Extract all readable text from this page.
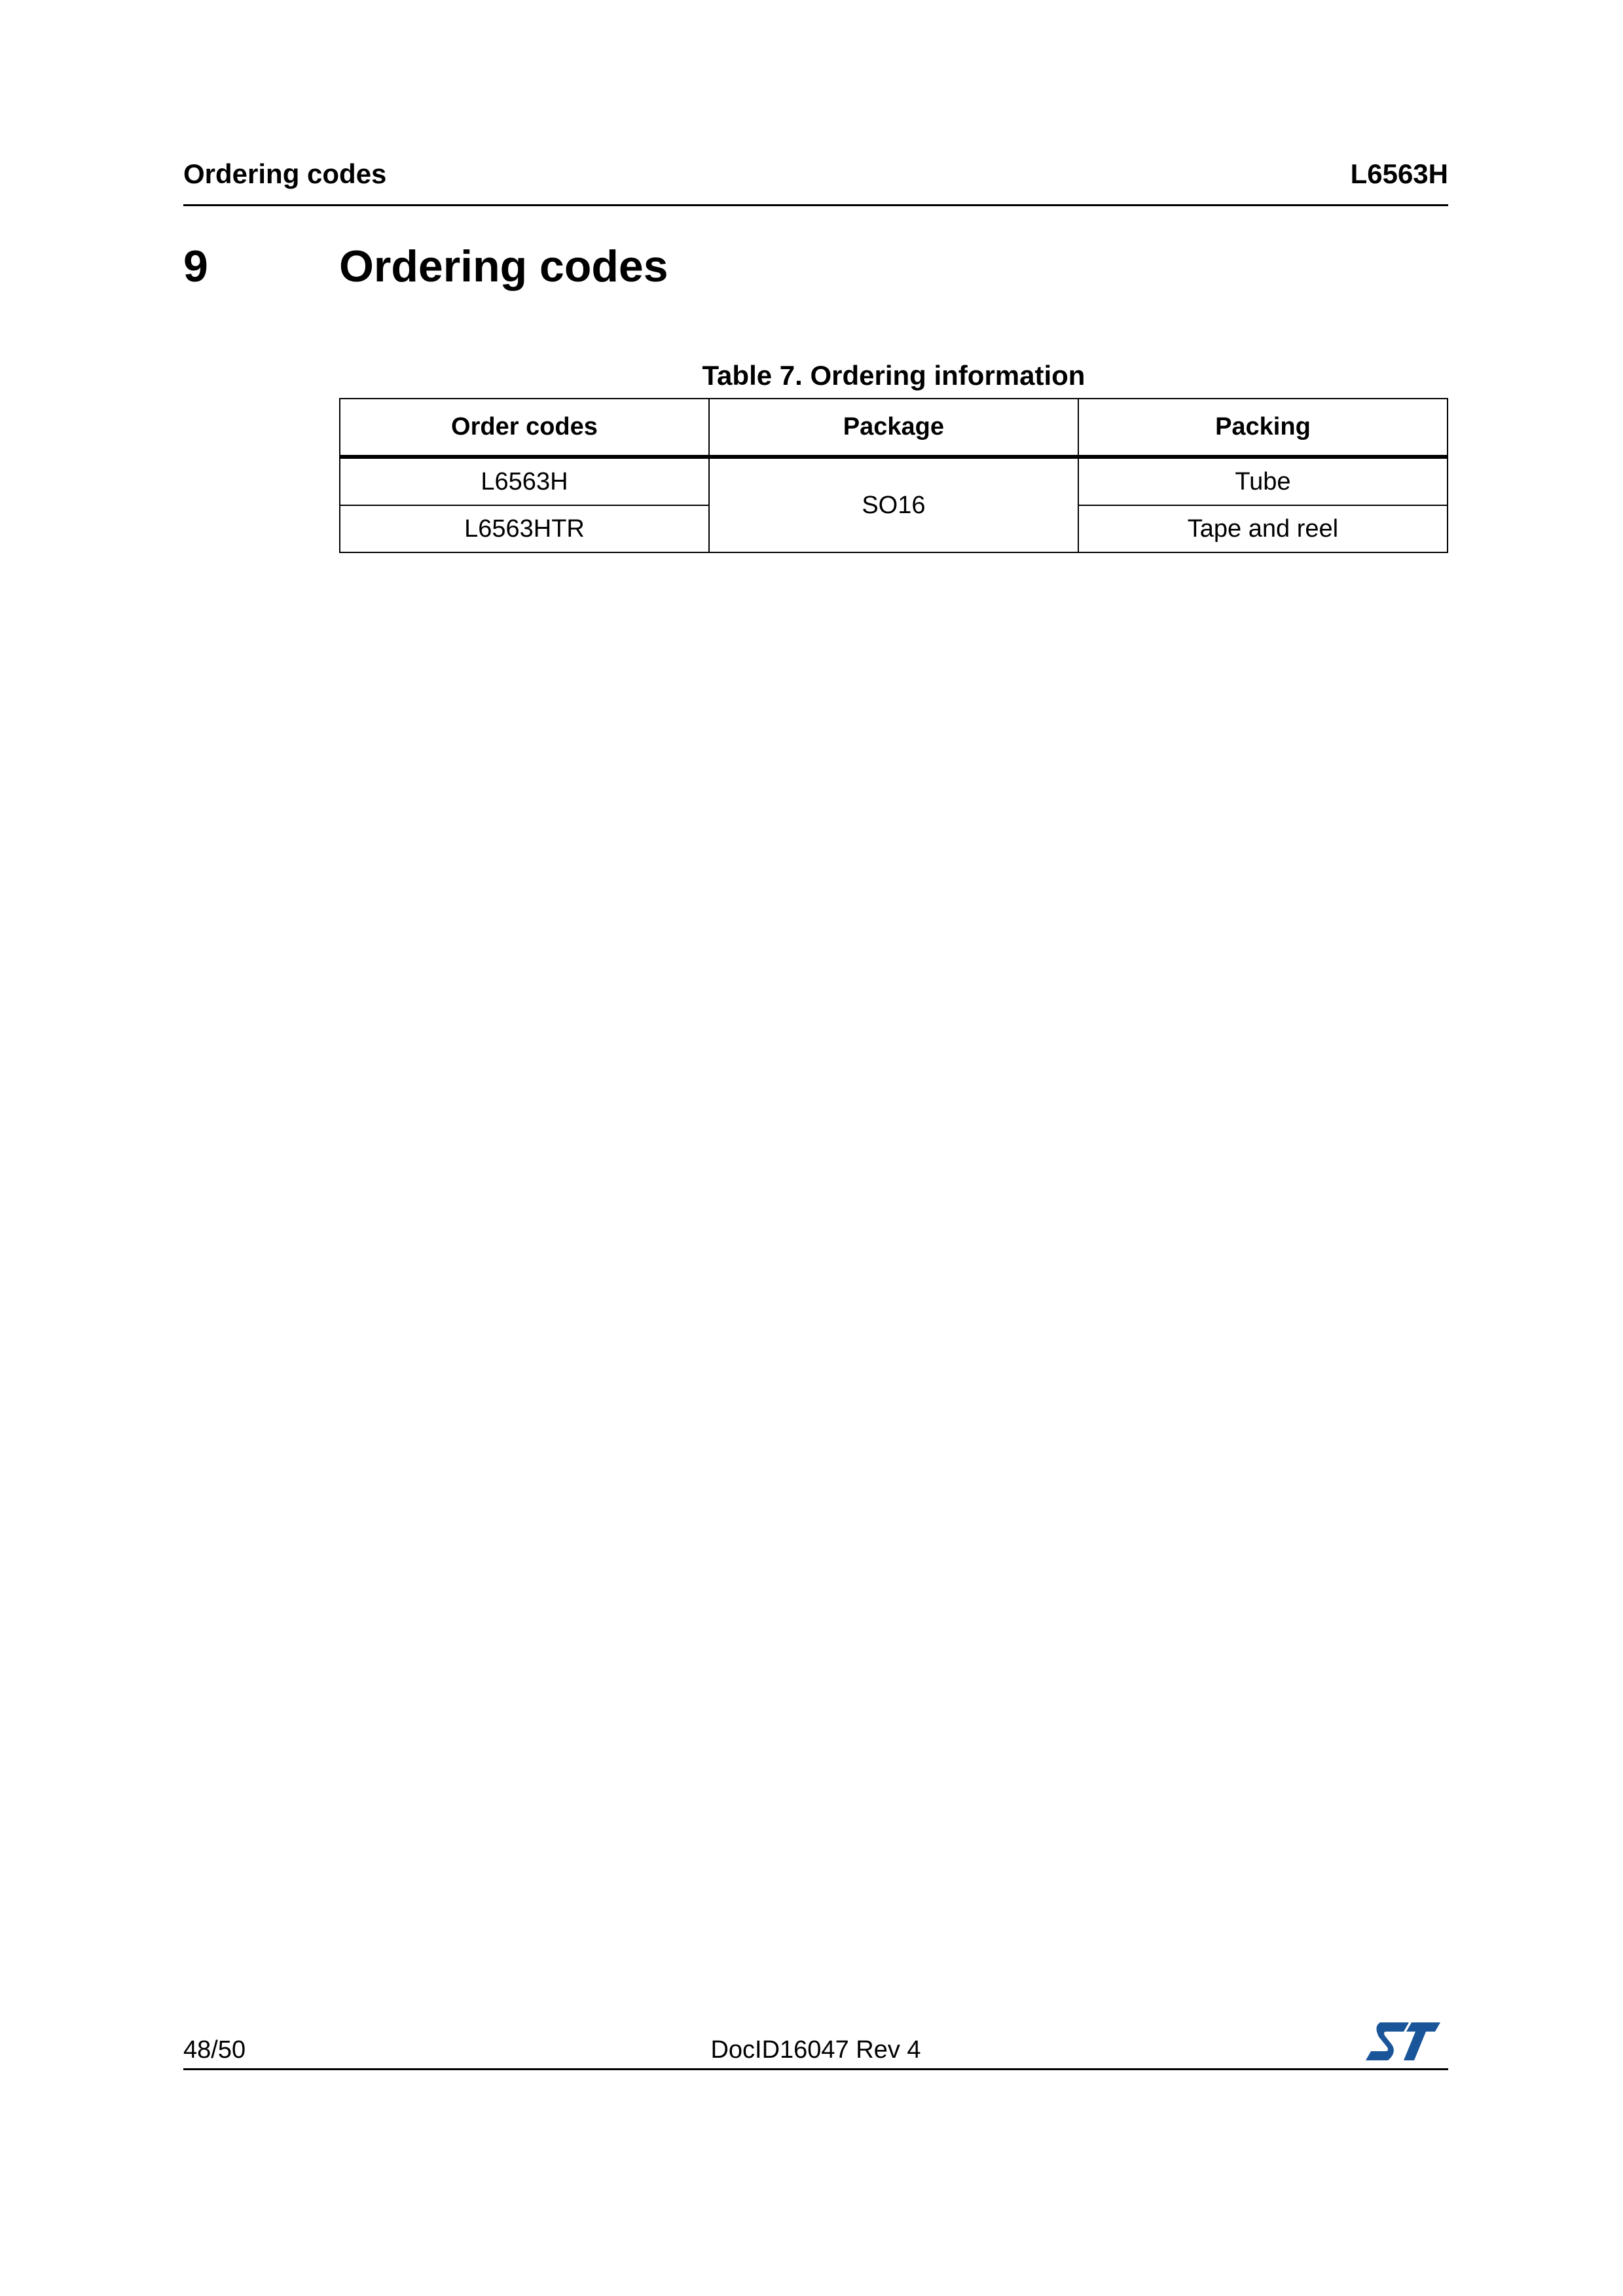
Ordering codes	L6563H
9	Ordering codes
Table 7. Ordering information
Order codes	Package	Packing
L6563H	SO16	Tube
L6563HTR		Tape and reel
48/50	DocID16047 Rev 4
